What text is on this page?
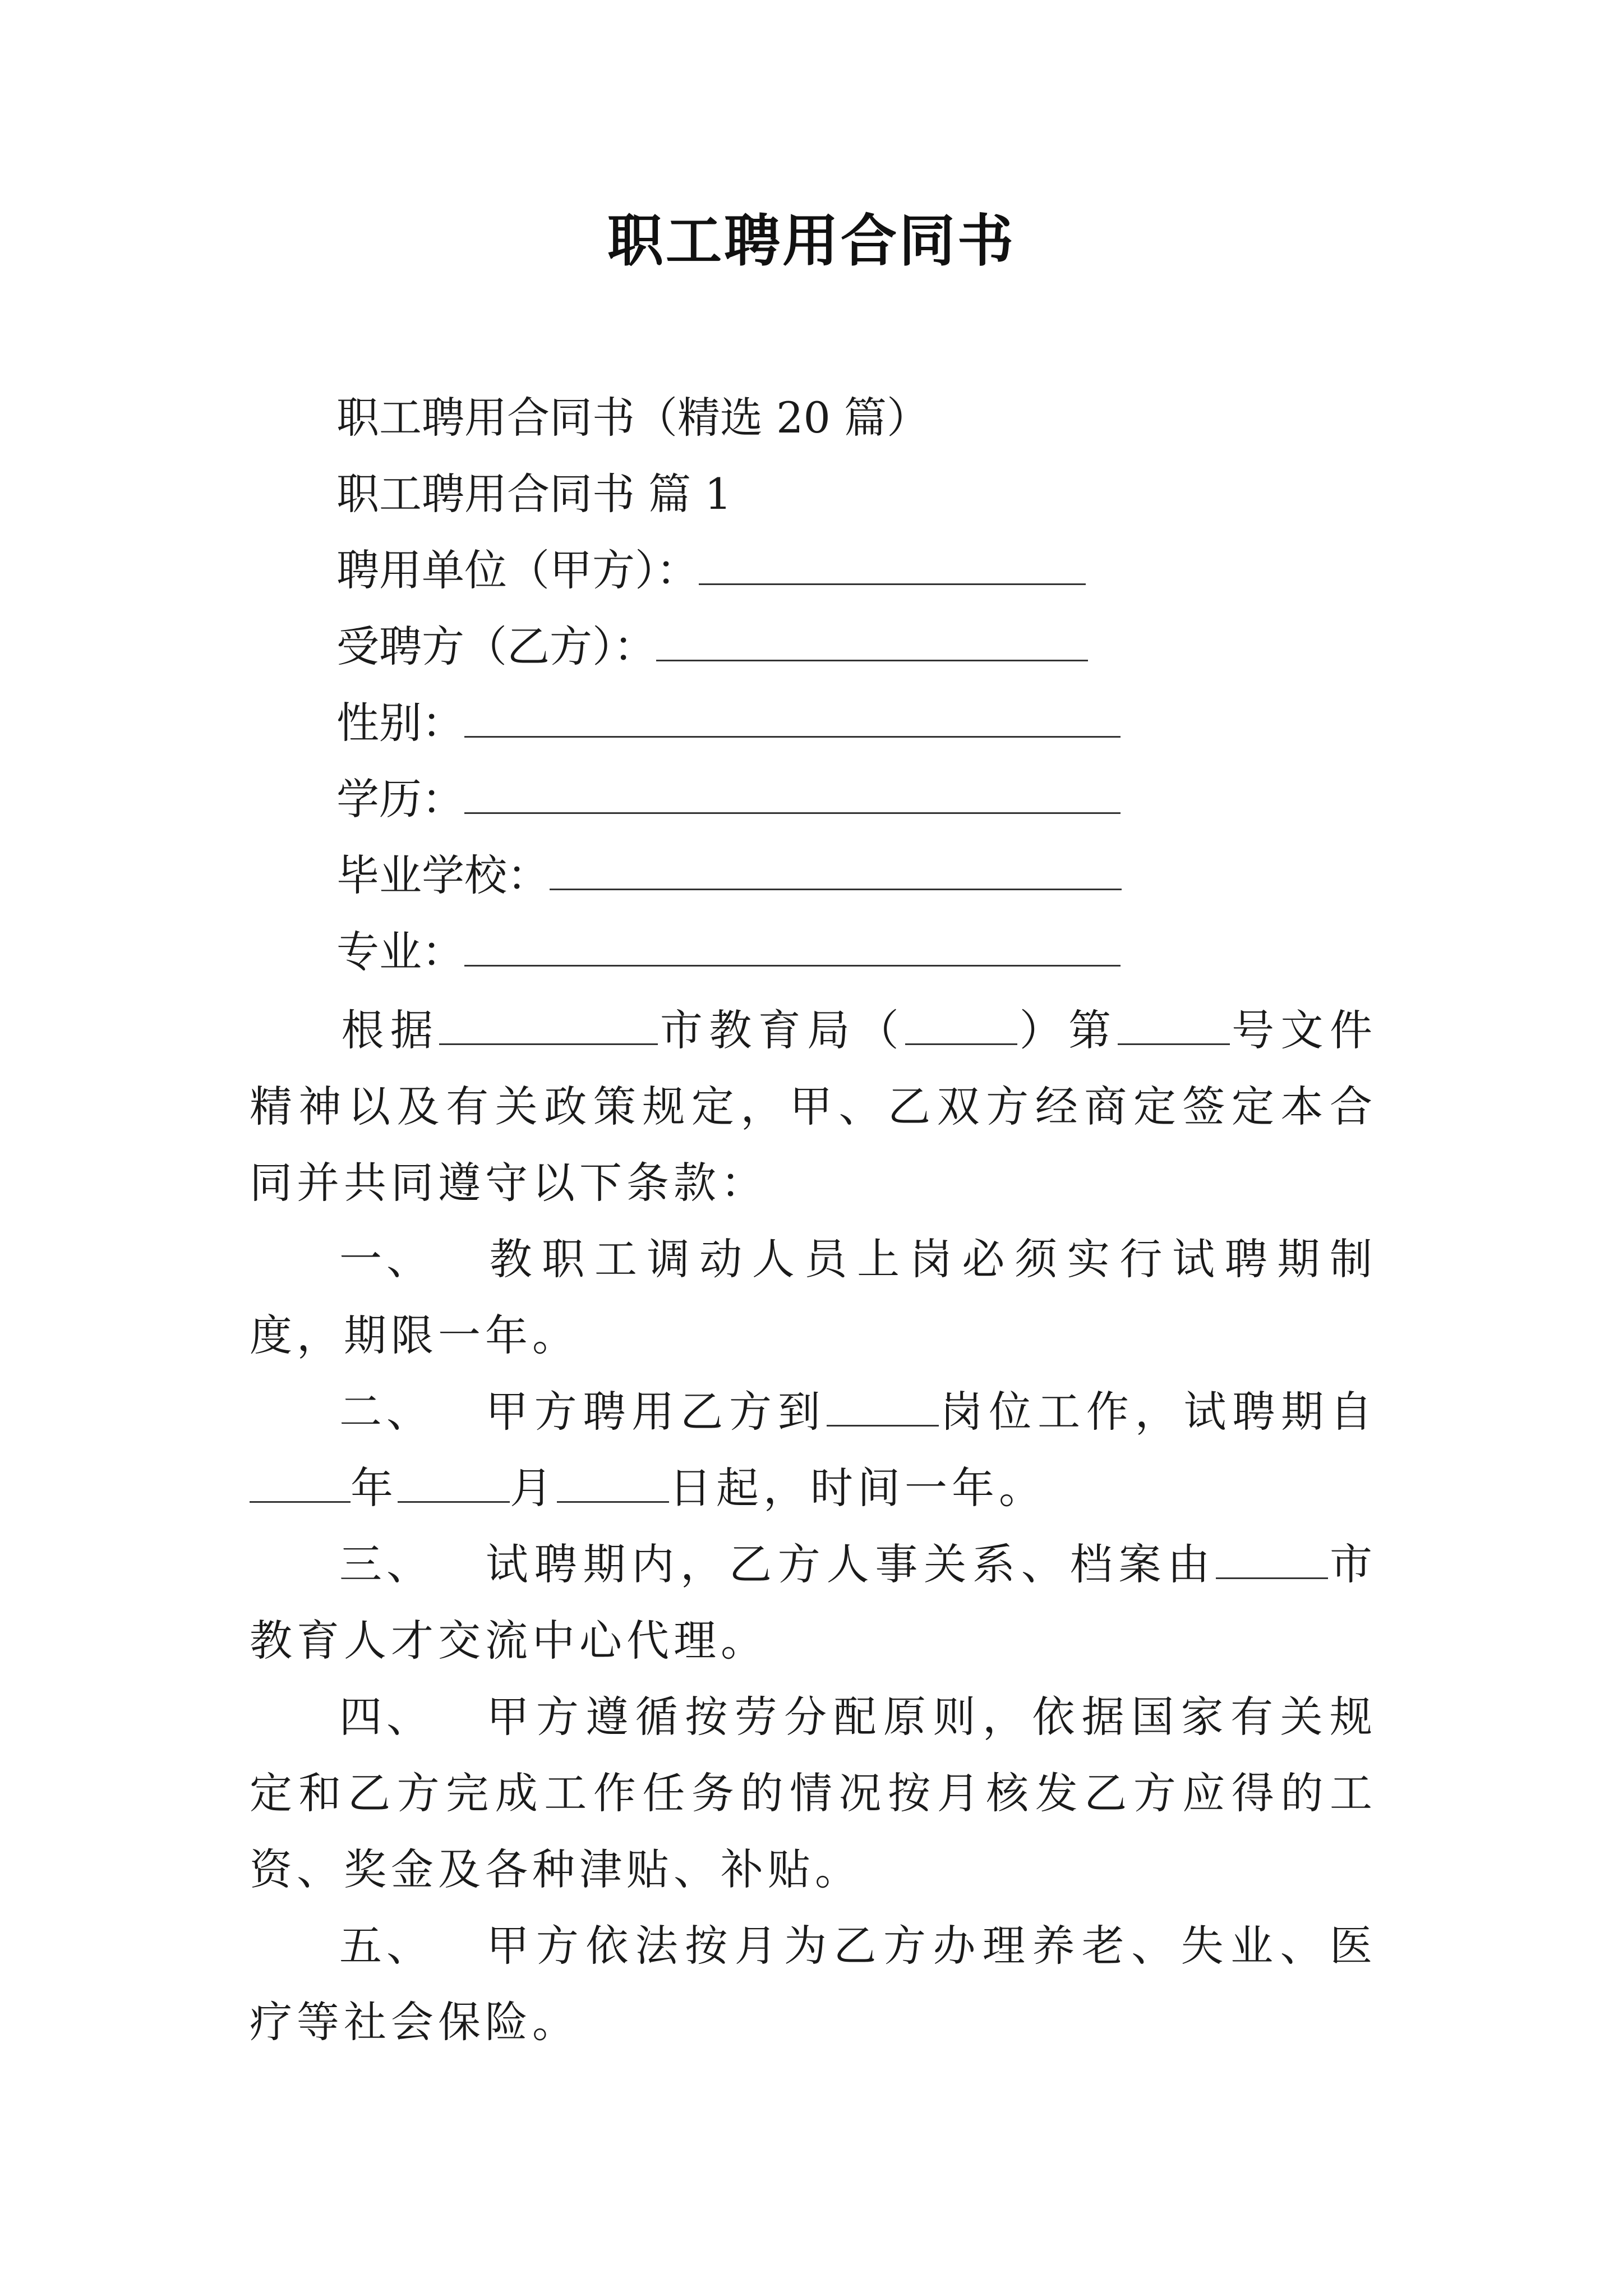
职工聘用合同书
职工聘用合同书（精选 20 篇）
职工聘用合同书 篇 1
聘用单位（甲方）：
受聘方（乙方）：
性别：
学历：
毕业学校：
专业：
根据	市教育局（	）第	号文件精神以及有关政策规定，甲、乙双方经商定签定本合同并共同遵守以下条款：
一、 教职工调动人员上岗必须实行试聘期制度，期限一年。
二、 甲方聘用乙方到	岗位工作，试聘期自年	月	日起，时间一年。
三、 试聘期内，乙方人事关系、档案由	市教育人才交流中心代理。
四、 甲方遵循按劳分配原则，依据国家有关规定和乙方完成工作任务的情况按月核发乙方应得的工资、奖金及各种津贴、补贴。
五、 甲方依法按月为乙方办理养老、失业、医疗等社会保险。
